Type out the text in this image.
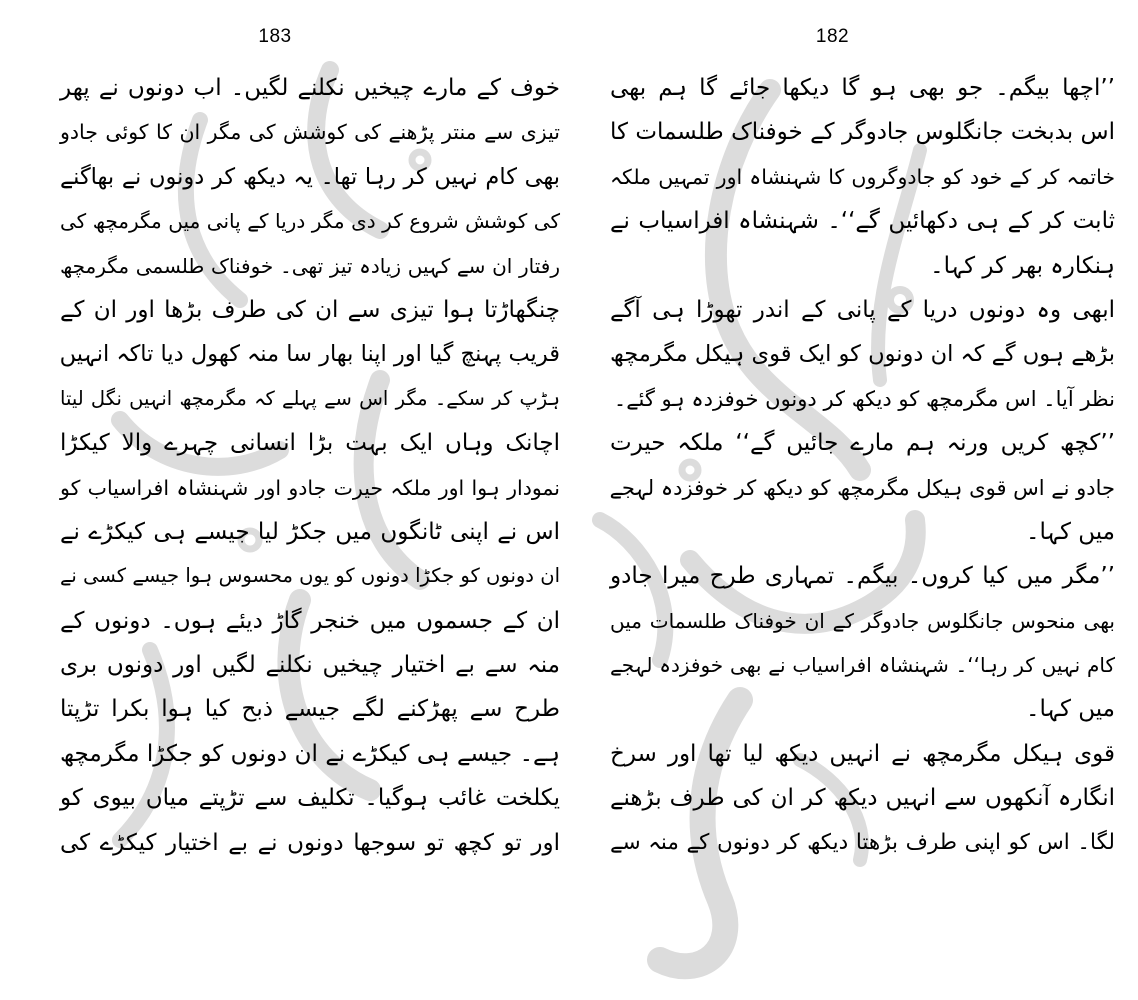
183
خوف کے مارے چیخیں نکلنے لگیں۔ اب دونوں نے پھر
تیزی سے منتر پڑھنے کی کوشش کی مگر ان کا کوئی جادو
بھی کام نہیں کر رہا تھا۔ یہ دیکھ کر دونوں نے بھاگنے
کی کوشش شروع کر دی مگر دریا کے پانی میں مگرمچھ کی
رفتار ان سے کہیں زیادہ تیز تھی۔ خوفناک طلسمی مگرمچھ
چنگھاڑتا ہوا تیزی سے ان کی طرف بڑھا اور ان کے
قریب پہنچ گیا اور اپنا بھار سا منہ کھول دیا تاکہ انہیں
ہڑپ کر سکے۔ مگر اس سے پہلے کہ مگرمچھ انہیں نگل لیتا
اچانک وہاں ایک بہت بڑا انسانی چہرے والا کیکڑا
نمودار ہوا اور ملکہ حیرت جادو اور شہنشاہ افراسیاب کو
اس نے اپنی ٹانگوں میں جکڑ لیا جیسے ہی کیکڑے نے
ان دونوں کو جکڑا دونوں کو یوں محسوس ہوا جیسے کسی نے
ان کے جسموں میں خنجر گاڑ دیئے ہوں۔ دونوں کے
منہ سے بے اختیار چیخیں نکلنے لگیں اور دونوں بری
طرح سے پھڑکنے لگے جیسے ذبح کیا ہوا بکرا تڑپتا
ہے۔ جیسے ہی کیکڑے نے ان دونوں کو جکڑا مگرمچھ
یکلخت غائب ہوگیا۔ تکلیف سے تڑپتے میاں بیوی کو
اور تو کچھ تو سوجھا دونوں نے بے اختیار کیکڑے کی
182
’’اچھا بیگم۔ جو بھی ہو گا دیکھا جائے گا ہم بھی
اس بدبخت جانگلوس جادوگر کے خوفناک طلسمات کا
خاتمہ کر کے خود کو جادوگروں کا شہنشاہ اور تمہیں ملکہ
ثابت کر کے ہی دکھائیں گے‘‘۔ شہنشاہ افراسیاب نے
ہنکارہ بھر کر کہا۔
ابھی وہ دونوں دریا کے پانی کے اندر تھوڑا ہی آگے
بڑھے ہوں گے کہ ان دونوں کو ایک قوی ہیکل مگرمچھ
نظر آیا۔ اس مگرمچھ کو دیکھ کر دونوں خوفزدہ ہو گئے۔
’’کچھ کریں ورنہ ہم مارے جائیں گے‘‘ ملکہ حیرت
جادو نے اس قوی ہیکل مگرمچھ کو دیکھ کر خوفزدہ لہجے
میں کہا۔
’’مگر میں کیا کروں۔ بیگم۔ تمہاری طرح میرا جادو
بھی منحوس جانگلوس جادوگر کے ان خوفناک طلسمات میں
کام نہیں کر رہا‘‘۔ شہنشاہ افراسیاب نے بھی خوفزدہ لہجے
میں کہا۔
قوی ہیکل مگرمچھ نے انہیں دیکھ لیا تھا اور سرخ
انگارہ آنکھوں سے انہیں دیکھ کر ان کی طرف بڑھنے
لگا۔ اس کو اپنی طرف بڑھتا دیکھ کر دونوں کے منہ سے
